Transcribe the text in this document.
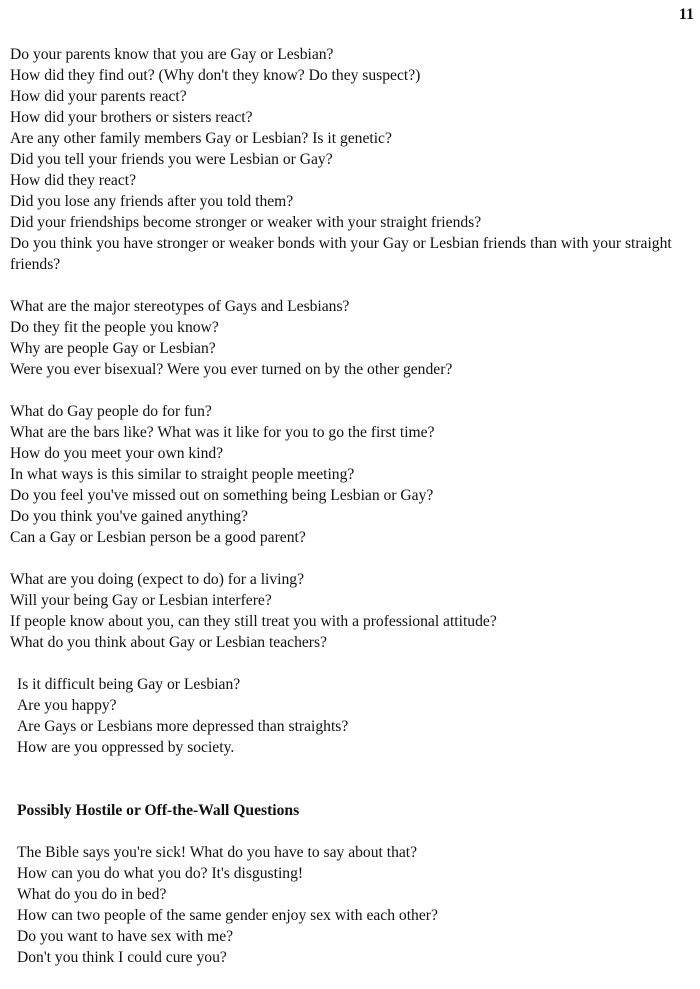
11
Do your parents know that you are Gay or Lesbian?
How did they find out? (Why don't they know? Do they suspect?)
How did your parents react?
How did your brothers or sisters react?
Are any other family members Gay or Lesbian? Is it genetic?
Did you tell your friends you were Lesbian or Gay?
How did they react?
Did you lose any friends after you told them?
Did your friendships become stronger or weaker with your straight friends?
Do you think you have stronger or weaker bonds with your Gay or Lesbian friends than with your straight friends?
What are the major stereotypes of Gays and Lesbians?
Do they fit the people you know?
Why are people Gay or Lesbian?
Were you ever bisexual? Were you ever turned on by the other gender?
What do Gay people do for fun?
What are the bars like? What was it like for you to go the first time?
How do you meet your own kind?
In what ways is this similar to straight people meeting?
Do you feel you've missed out on something being Lesbian or Gay?
Do you think you've gained anything?
Can a Gay or Lesbian person be a good parent?
What are you doing (expect to do) for a living?
Will your being Gay or Lesbian interfere?
If people know about you, can they still treat you with a professional attitude?
What do you think about Gay or Lesbian teachers?
Is it difficult being Gay or Lesbian?
Are you happy?
Are Gays or Lesbians more depressed than straights?
How are you oppressed by society.
Possibly Hostile or Off-the-Wall Questions
The Bible says you're sick! What do you have to say about that?
How can you do what you do? It's disgusting!
What do you do in bed?
How can two people of the same gender enjoy sex with each other?
Do you want to have sex with me?
Don't you think I could cure you?
